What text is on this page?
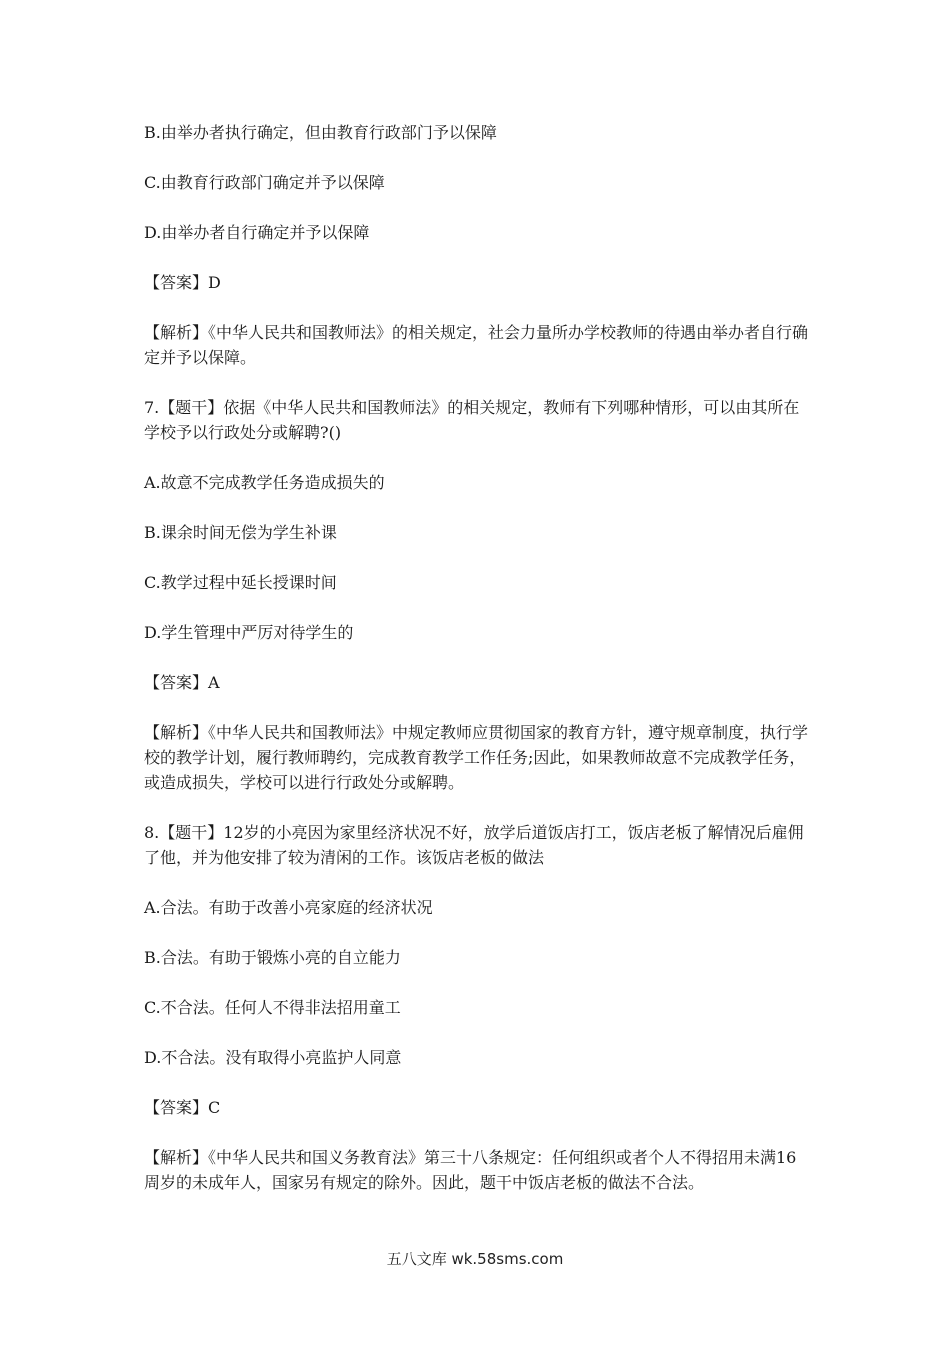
B.由举办者执行确定，但由教育行政部门予以保障

C.由教育行政部门确定并予以保障

D.由举办者自行确定并予以保障

【答案】D

【解析】《中华人民共和国教师法》的相关规定，社会力量所办学校教师的待遇由举办者自行确定并予以保障。

7.【题干】依据《中华人民共和国教师法》的相关规定，教师有下列哪种情形，可以由其所在学校予以行政处分或解聘?()

A.故意不完成教学任务造成损失的

B.课余时间无偿为学生补课

C.教学过程中延长授课时间

D.学生管理中严厉对待学生的

【答案】A

【解析】《中华人民共和国教师法》中规定教师应贯彻国家的教育方针，遵守规章制度，执行学校的教学计划，履行教师聘约，完成教育教学工作任务;因此，如果教师故意不完成教学任务，或造成损失，学校可以进行行政处分或解聘。

8.【题干】12岁的小亮因为家里经济状况不好，放学后道饭店打工，饭店老板了解情况后雇佣了他，并为他安排了较为清闲的工作。该饭店老板的做法

A.合法。有助于改善小亮家庭的经济状况

B.合法。有助于锻炼小亮的自立能力

C.不合法。任何人不得非法招用童工

D.不合法。没有取得小亮监护人同意

【答案】C

【解析】《中华人民共和国义务教育法》第三十八条规定：任何组织或者个人不得招用未满16周岁的未成年人，国家另有规定的除外。因此，题干中饭店老板的做法不合法。

五八文库 wk.58sms.com
